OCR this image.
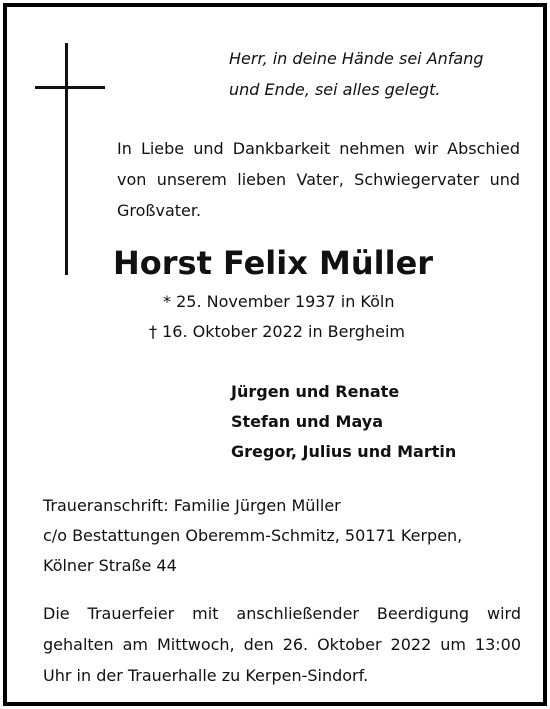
Herr, in deine Hände sei Anfang
und Ende, sei alles gelegt.
In Liebe und Dankbarkeit nehmen wir Abschied von unserem lieben Vater, Schwiegervater und Großvater.
Horst Felix Müller
* 25. November 1937 in Köln
† 16. Oktober 2022 in Bergheim
Jürgen und Renate
Stefan und Maya
Gregor, Julius und Martin
Traueranschrift: Familie Jürgen Müller
c/o Bestattungen Oberemm-Schmitz, 50171 Kerpen,
Kölner Straße 44
Die Trauerfeier mit anschließender Beerdigung wird gehalten am Mittwoch, den 26. Oktober 2022 um 13:00 Uhr in der Trauerhalle zu Kerpen-Sindorf.
